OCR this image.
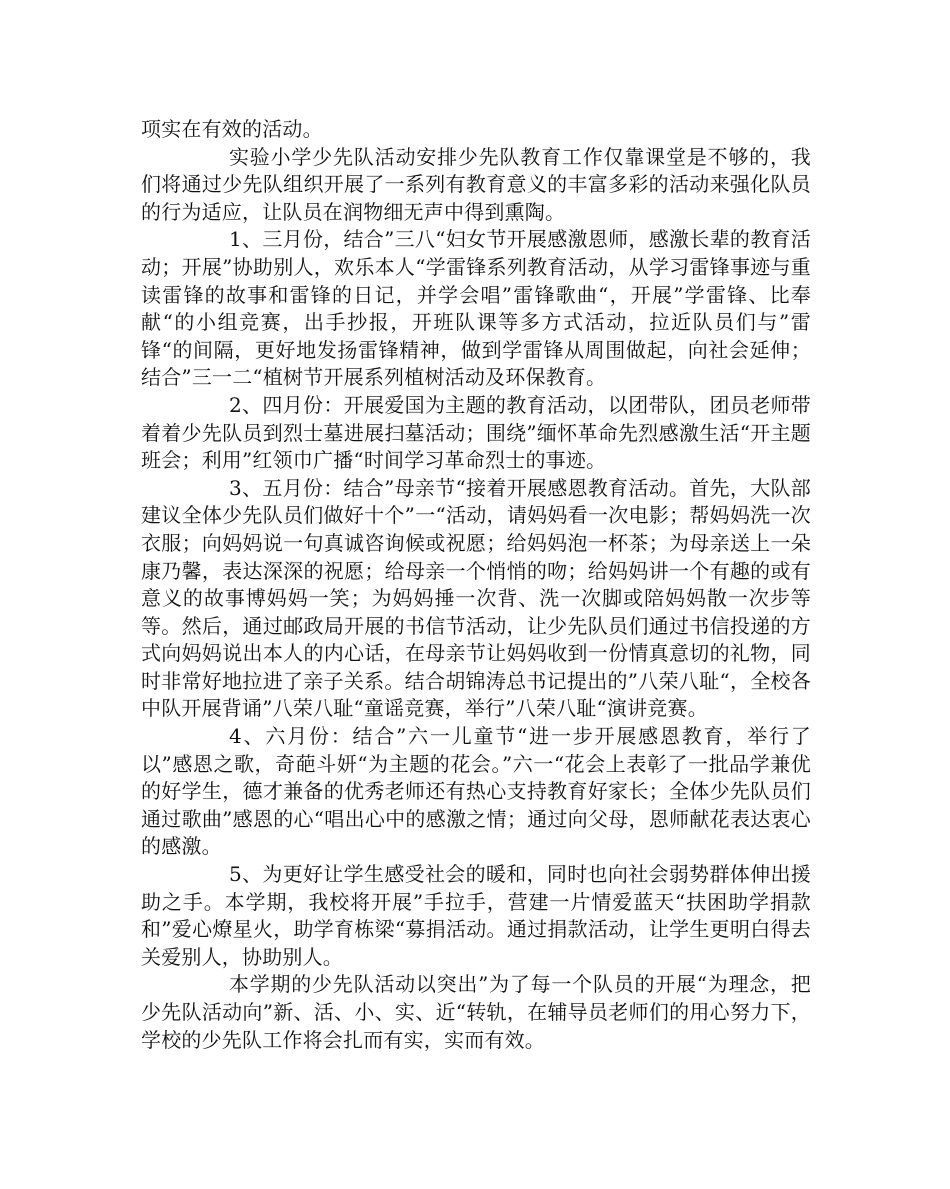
项实在有效的活动。

实验小学少先队活动安排少先队教育工作仅靠课堂是不够的，我们将通过少先队组织开展了一系列有教育意义的丰富多彩的活动来强化队员的行为适应，让队员在润物细无声中得到熏陶。

1、三月份，结合”三八“妇女节开展感激恩师，感激长辈的教育活动；开展”协助别人，欢乐本人“学雷锋系列教育活动，从学习雷锋事迹与重读雷锋的故事和雷锋的日记，并学会唱”雷锋歌曲“，开展”学雷锋、比奉献“的小组竞赛，出手抄报，开班队课等多方式活动，拉近队员们与”雷锋“的间隔，更好地发扬雷锋精神，做到学雷锋从周围做起，向社会延伸；结合”三一二“植树节开展系列植树活动及环保教育。

2、四月份：开展爱国为主题的教育活动，以团带队，团员老师带着着少先队员到烈士墓进展扫墓活动；围绕”缅怀革命先烈感激生活“开主题班会；利用”红领巾广播“时间学习革命烈士的事迹。

3、五月份：结合”母亲节“接着开展感恩教育活动。首先，大队部建议全体少先队员们做好十个”一“活动，请妈妈看一次电影；帮妈妈洗一次衣服；向妈妈说一句真诚咨询候或祝愿；给妈妈泡一杯茶；为母亲送上一朵康乃馨，表达深深的祝愿；给母亲一个悄悄的吻；给妈妈讲一个有趣的或有意义的故事博妈妈一笑；为妈妈捶一次背、洗一次脚或陪妈妈散一次步等等。然后，通过邮政局开展的书信节活动，让少先队员们通过书信投递的方式向妈妈说出本人的内心话，在母亲节让妈妈收到一份情真意切的礼物，同时非常好地拉进了亲子关系。结合胡锦涛总书记提出的”八荣八耻“，全校各中队开展背诵”八荣八耻“童谣竞赛，举行”八荣八耻“演讲竞赛。

4、六月份：结合”六一儿童节“进一步开展感恩教育，举行了以”感恩之歌，奇葩斗妍“为主题的花会。”六一“花会上表彰了一批品学兼优的好学生，德才兼备的优秀老师还有热心支持教育好家长；全体少先队员们通过歌曲”感恩的心“唱出心中的感激之情；通过向父母，恩师献花表达衷心的感激。

5、为更好让学生感受社会的暖和，同时也向社会弱势群体伸出援助之手。本学期，我校将开展”手拉手，营建一片情爱蓝天“扶困助学捐款和”爱心燎星火，助学育栋梁“募捐活动。通过捐款活动，让学生更明白得去关爱别人，协助别人。

本学期的少先队活动以突出”为了每一个队员的开展“为理念，把少先队活动向”新、活、小、实、近“转轨，在辅导员老师们的用心努力下，学校的少先队工作将会扎而有实，实而有效。
